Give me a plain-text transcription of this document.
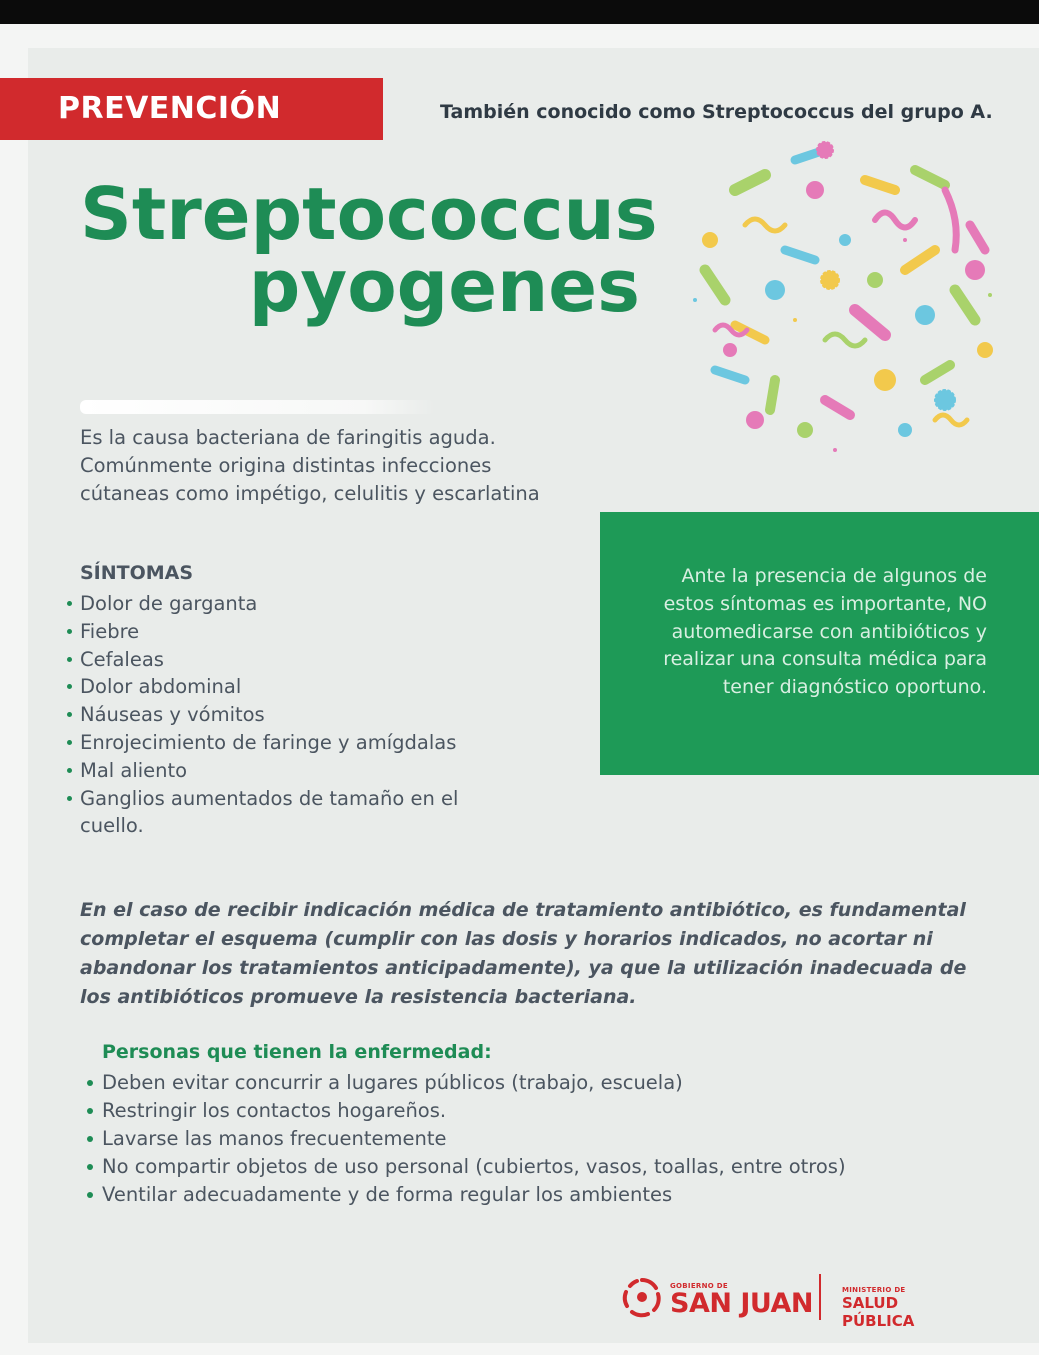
PREVENCIÓN	También conocido como Streptococcus del grupo A.
Streptococcus
pyogenes
Es la causa bacteriana de faringitis aguda. Comúnmente origina distintas infecciones cútaneas como impétigo, celulitis y escarlatina
SÍNTOMAS
Dolor de garganta
Fiebre
Cefaleas
Dolor abdominal
Náuseas y vómitos
Enrojecimiento de faringe y amígdalas
Mal aliento
Ganglios aumentados de tamaño en el cuello.

Ante la presencia de algunos de estos síntomas es importante, NO automedicarse con antibióticos y realizar una consulta médica para tener diagnóstico oportuno.

En el caso de recibir indicación médica de tratamiento antibiótico, es fundamental completar el esquema (cumplir con las dosis y horarios indicados, no acortar ni abandonar los tratamientos anticipadamente), ya que la utilización inadecuada de los antibióticos promueve la resistencia bacteriana.
Personas que tienen la enfermedad:
Deben evitar concurrir a lugares públicos (trabajo, escuela)
Restringir los contactos hogareños.
Lavarse las manos frecuentemente
No compartir objetos de uso personal (cubiertos, vasos, toallas, entre otros)
Ventilar adecuadamente y de forma regular los ambientes
GOBIERNO DE
SAN JUAN	MINISTERIO DE
SALUD PÚBLICA
